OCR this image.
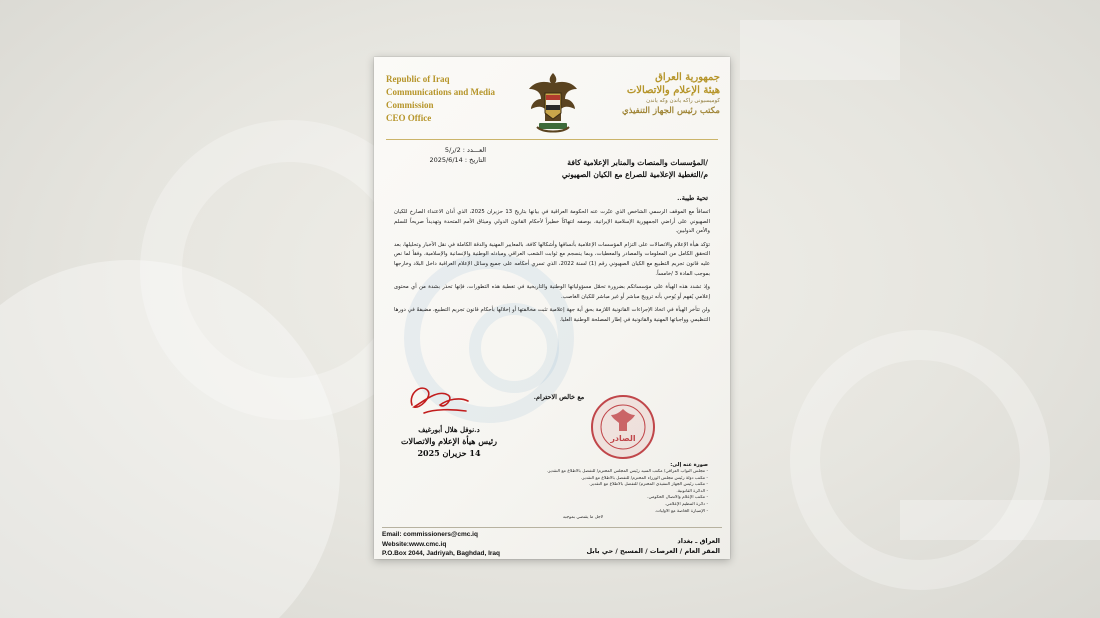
Republic of Iraq
Communications and Media
Commission
CEO Office
جمهورية العراق
هيئة الإعلام والاتصالات
كوميسيونى راكه ياندن وكه ياندن
مكتب رئيس الجهاز التنفيذي
العـــدد : 2/ر/5
التاريخ : 2025/6/14	/المؤسسات والمنصات والمنابر الإعلامية كافة
م/التغطية الإعلامية للصراع مع الكيان الصهيوني
تحية طيبة..

اتساقاً مع الموقف الرسمي الشاخص الذي عبّرت عنه الحكومة العراقية في بيانها بتاريخ 13 حزيران 2025، الذي أدان الاعتداء الصارخ للكيان الصهيوني على أراضي الجمهورية الإسلامية الإيرانية، بوصفه انتهاكاً خطيراً لأحكام القانون الدولي وميثاق الأمم المتحدة وتهديداً صريحاً للسلم والأمن الدوليين.

تؤكد هيأة الإعلام والاتصالات على التزام المؤسسات الإعلامية بأنساقها وأشكالها كافة، بالمعايير المهنية والدقة الكاملة في نقل الأخبار وتحليلها، بعد التحقق الكامل من المعلومات والمصادر والمعطيات، وبما ينسجم مع ثوابت الشعب العراقي ومبادئه الوطنية والإنسانية والإسلامية، وفقاً لما نص عليه قانون تجريم التطبيع مع الكيان الصهيوني رقم (1) لسنة 2022، الذي تسري أحكامه على جميع وسائل الإعلام العراقية داخل البلاد وخارجها بموجب المادة 3 /خامساً.

وإذ تشدد هذه الهيأة على مؤسساتكم بضرورة تحمّل مسؤولياتها الوطنية والتاريخية في تغطية هذه التطورات، فإنها تحذر بشدة من أي محتوى إعلامي يُفهم أو يُوحي بأنه ترويج مباشر أو غير مباشر للكيان الغاصب.

ولن تتأخر الهيأة في اتخاذ الإجراءات القانونية اللازمة بحق أية جهة إعلامية تثبت مخالفتها أو إخلالها بأحكام قانون تجريم التطبيع، مضيفةً في دورها التنظيمي وواجباتها المهنية والقانونية في إطار المصلحة الوطنية العليا.

مع خالص الاحترام.
د.نوفل هلال أبورغيف
رئيس هيأة الإعلام والاتصالات
14 حزيران 2025
الصادر
صورة عنه إلى:
- مجلس النواب العراقي/ مكتب السيد رئيس المجلس المحترم/ للتفضل بالاطلاع مع التقدير.
- مكتب دولة رئيس مجلس الوزراء المحترم/ للتفضل بالاطلاع مع التقدير.
- مكتب رئيس الجهاز التنفيذي المحترم/ للتفضل بالاطلاع مع التقدير.
- الدائرة القانونية.
- مكتب الإعلام والاتصال الحكومي.
- دائرة التنظيم الإعلامي.
- الإضبارة الخاصة مع الأوليات.
لأجل ما يقتضي بموجبه
Email: commissioners@cmc.iq
Website:www.cmc.iq
P.O.Box 2044, Jadriyah, Baghdad, Iraq
العراق ـ بغداد
المقر العام / العرصات / المسبح / حي بابل
